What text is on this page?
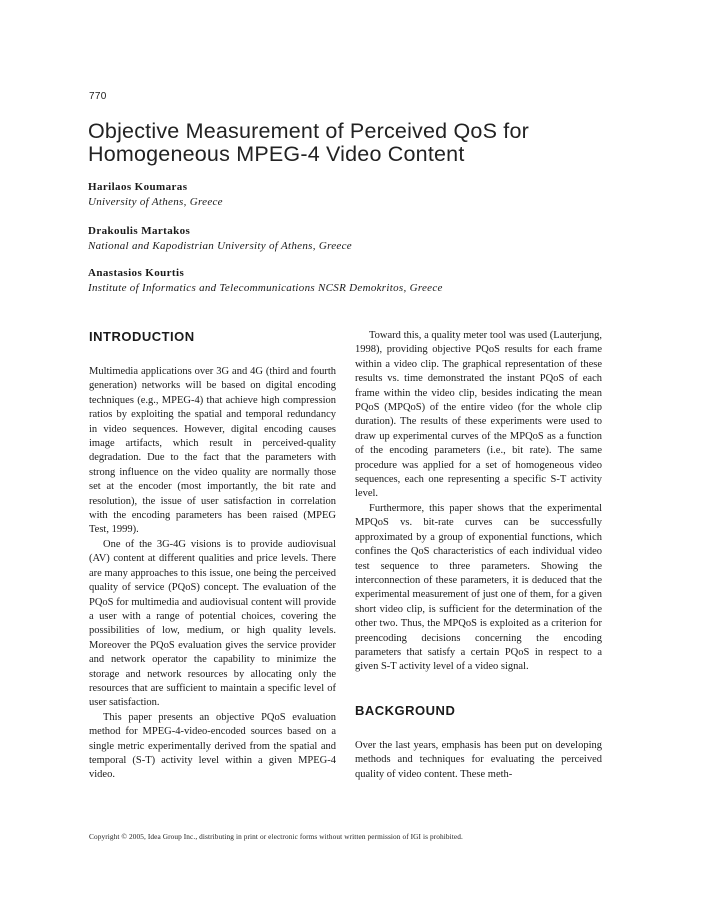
770
Objective Measurement of Perceived QoS for Homogeneous MPEG-4 Video Content
Harilaos Koumaras
University of Athens, Greece
Drakoulis Martakos
National and Kapodistrian University of Athens, Greece
Anastasios Kourtis
Institute of Informatics and Telecommunications NCSR Demokritos, Greece
INTRODUCTION

Multimedia applications over 3G and 4G (third and fourth generation) networks will be based on digital encoding techniques (e.g., MPEG-4) that achieve high compression ratios by exploiting the spatial and temporal redundancy in video sequences. However, digital encoding causes image artifacts, which result in perceived-quality degradation. Due to the fact that the parameters with strong influence on the video quality are normally those set at the encoder (most importantly, the bit rate and resolution), the issue of user satisfaction in correlation with the encoding parameters has been raised (MPEG Test, 1999).

One of the 3G-4G visions is to provide audiovisual (AV) content at different qualities and price levels. There are many approaches to this issue, one being the perceived quality of service (PQoS) concept. The evaluation of the PQoS for multimedia and audiovisual content will provide a user with a range of potential choices, covering the possibilities of low, medium, or high quality levels. Moreover the PQoS evaluation gives the service provider and network operator the capability to minimize the storage and network resources by allocating only the resources that are sufficient to maintain a specific level of user satisfaction.

This paper presents an objective PQoS evaluation method for MPEG-4-video-encoded sources based on a single metric experimentally derived from the spatial and temporal (S-T) activity level within a given MPEG-4 video.

Toward this, a quality meter tool was used (Lauterjung, 1998), providing objective PQoS results for each frame within a video clip. The graphical representation of these results vs. time demonstrated the instant PQoS of each frame within the video clip, besides indicating the mean PQoS (MPQoS) of the entire video (for the whole clip duration). The results of these experiments were used to draw up experimental curves of the MPQoS as a function of the encoding parameters (i.e., bit rate). The same procedure was applied for a set of homogeneous video sequences, each one representing a specific S-T activity level.

Furthermore, this paper shows that the experimental MPQoS vs. bit-rate curves can be successfully approximated by a group of exponential functions, which confines the QoS characteristics of each individual video test sequence to three parameters. Showing the interconnection of these parameters, it is deduced that the experimental measurement of just one of them, for a given short video clip, is sufficient for the determination of the other two. Thus, the MPQoS is exploited as a criterion for preencoding decisions concerning the encoding parameters that satisfy a certain PQoS in respect to a given S-T activity level of a video signal.

BACKGROUND

Over the last years, emphasis has been put on developing methods and techniques for evaluating the perceived quality of video content. These meth-

Copyright © 2005, Idea Group Inc., distributing in print or electronic forms without written permission of IGI is prohibited.
